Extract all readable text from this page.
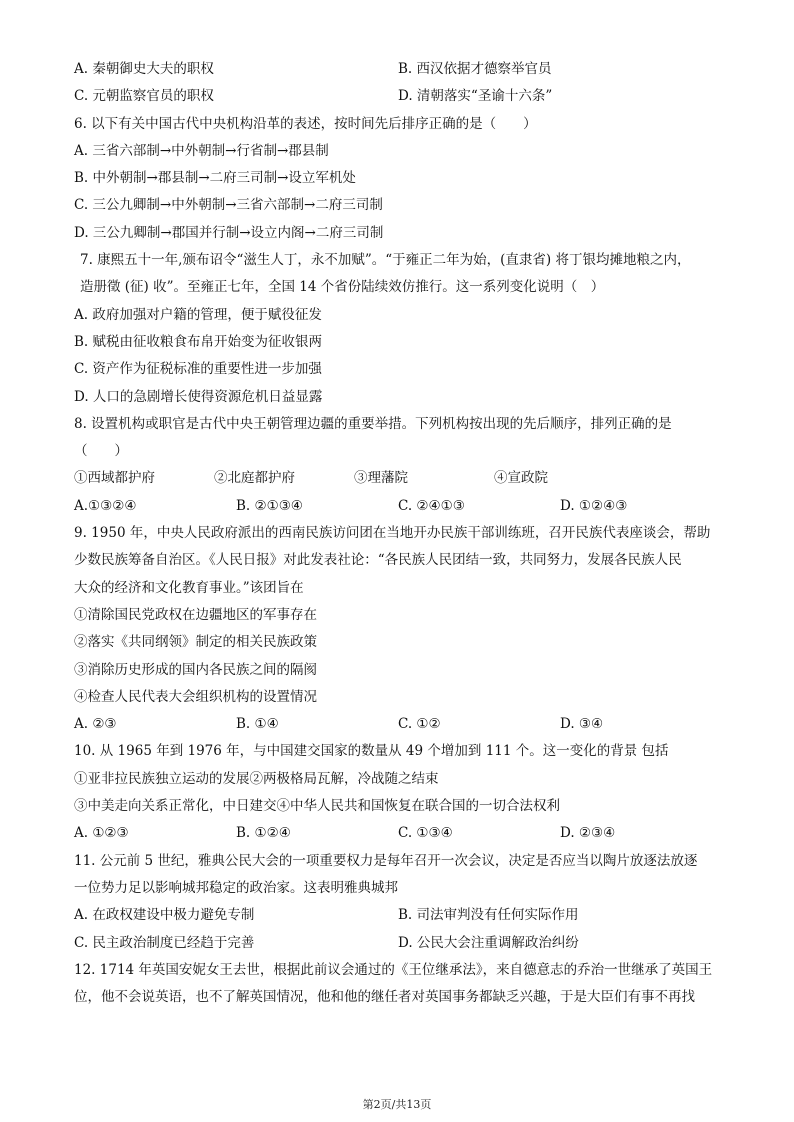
A. 秦朝御史大夫的职权	B. 西汉依据才德察举官员
C. 元朝监察官员的职权	D. 清朝落实“圣谕十六条”
6. 以下有关中国古代中央机构沿革的表述，按时间先后排序正确的是（　　）
A. 三省六部制→中外朝制→行省制→郡县制
B. 中外朝制→郡县制→二府三司制→设立军机处
C. 三公九卿制→中外朝制→三省六部制→二府三司制
D. 三公九卿制→郡国并行制→设立内阁→二府三司制
7. 康熙五十一年,颁布诏令“滋生人丁，永不加赋”。“于雍正二年为始，(直隶省) 将丁银均摊地粮之内，
造册徵 (征) 收”。至雍正七年，全国 14 个省份陆续效仿推行。这一系列变化说明（　）
A. 政府加强对户籍的管理，便于赋役征发
B. 赋税由征收粮食布帛开始变为征收银两
C. 资产作为征税标准的重要性进一步加强
D. 人口的急剧增长使得资源危机日益显露
8. 设置机构或职官是古代中央王朝管理边疆的重要举措。下列机构按出现的先后顺序，排列正确的是
（　　）
①西域都护府	②北庭都护府	③理藩院	④宣政院
A.①③②④	B. ②①③④	C. ②④①③	D. ①②④③
9. 1950 年，中央人民政府派出的西南民族访问团在当地开办民族干部训练班，召开民族代表座谈会，帮助
少数民族筹备自治区。《人民日报》对此发表社论：“各民族人民团结一致，共同努力，发展各民族人民
大众的经济和文化教育事业。”该团旨在
①清除国民党政权在边疆地区的军事存在
②落实《共同纲领》制定的相关民族政策
③消除历史形成的国内各民族之间的隔阂
④检查人民代表大会组织机构的设置情况
A. ②③	B. ①④	C. ①②	D. ③④
10. 从 1965 年到 1976 年，与中国建交国家的数量从 49 个增加到 111 个。这一变化的背景 包括
①亚非拉民族独立运动的发展②两极格局瓦解，冷战随之结束
③中美走向关系正常化，中日建交④中华人民共和国恢复在联合国的一切合法权利
A. ①②③	B. ①②④	C. ①③④	D. ②③④
11. 公元前 5 世纪，雅典公民大会的一项重要权力是每年召开一次会议，决定是否应当以陶片放逐法放逐
一位势力足以影响城邦稳定的政治家。这表明雅典城邦
A. 在政权建设中极力避免专制	B. 司法审判没有任何实际作用
C. 民主政治制度已经趋于完善	D. 公民大会注重调解政治纠纷
12. 1714 年英国安妮女王去世，根据此前议会通过的《王位继承法》，来自德意志的乔治一世继承了英国王
位，他不会说英语，也不了解英国情况，他和他的继任者对英国事务都缺乏兴趣，于是大臣们有事不再找
第2页/共13页
